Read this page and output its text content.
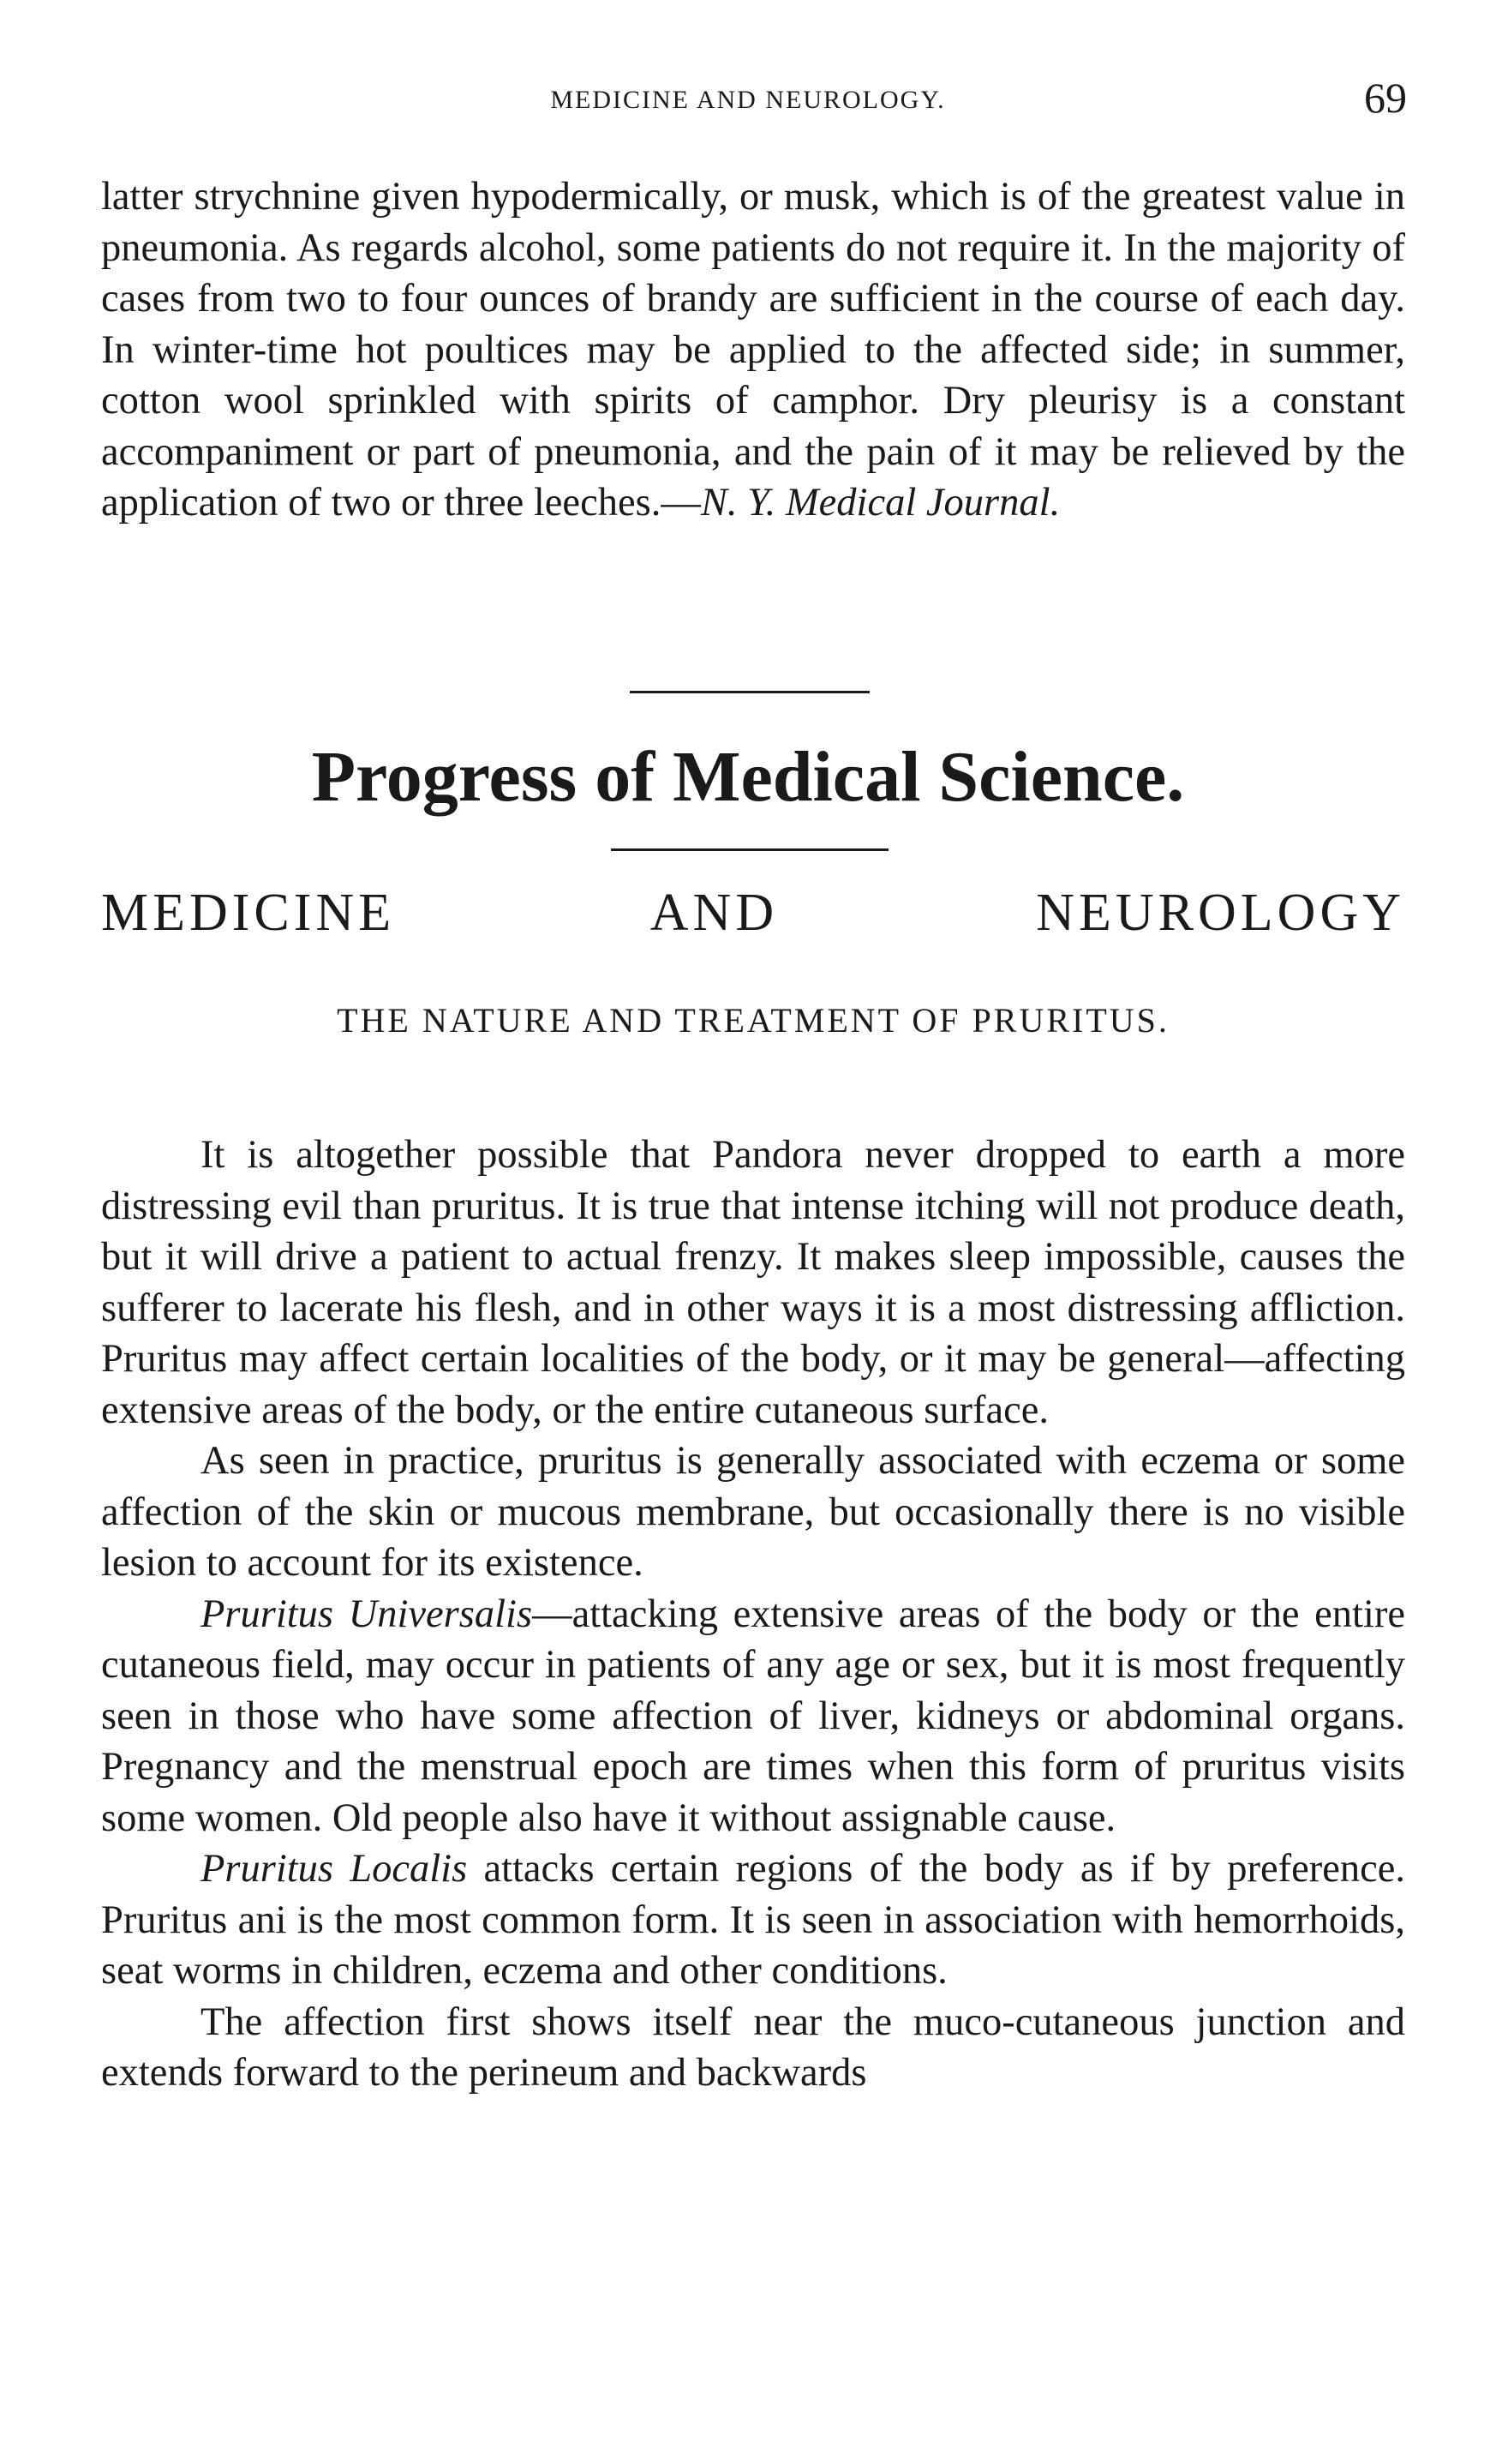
MEDICINE AND NEUROLOGY.	69

latter strychnine given hypodermically, or musk, which is of the greatest value in pneumonia. As regards alcohol, some patients do not require it. In the majority of cases from two to four ounces of brandy are sufficient in the course of each day. In winter-time hot poultices may be applied to the affected side; in summer, cotton wool sprinkled with spirits of camphor. Dry pleurisy is a constant accompaniment or part of pneumonia, and the pain of it may be relieved by the application of two or three leeches.—N. Y. Medical Journal.

Progress of Medical Science.
MEDICINE AND NEUROLOGY
THE NATURE AND TREATMENT OF PRURITUS.

It is altogether possible that Pandora never dropped to earth a more distressing evil than pruritus. It is true that intense itching will not produce death, but it will drive a patient to actual frenzy. It makes sleep impossible, causes the sufferer to lacerate his flesh, and in other ways it is a most distressing affliction. Pruritus may affect certain localities of the body, or it may be general—affecting extensive areas of the body, or the entire cutaneous surface.

As seen in practice, pruritus is generally associated with eczema or some affection of the skin or mucous membrane, but occasionally there is no visible lesion to account for its existence.

Pruritus Universalis—attacking extensive areas of the body or the entire cutaneous field, may occur in patients of any age or sex, but it is most frequently seen in those who have some affection of liver, kidneys or abdominal organs. Pregnancy and the menstrual epoch are times when this form of pruritus visits some women. Old people also have it without assignable cause.

Pruritus Localis attacks certain regions of the body as if by preference. Pruritus ani is the most common form. It is seen in association with hemorrhoids, seat worms in children, eczema and other conditions.

The affection first shows itself near the muco-cutaneous junction and extends forward to the perineum and backwards
